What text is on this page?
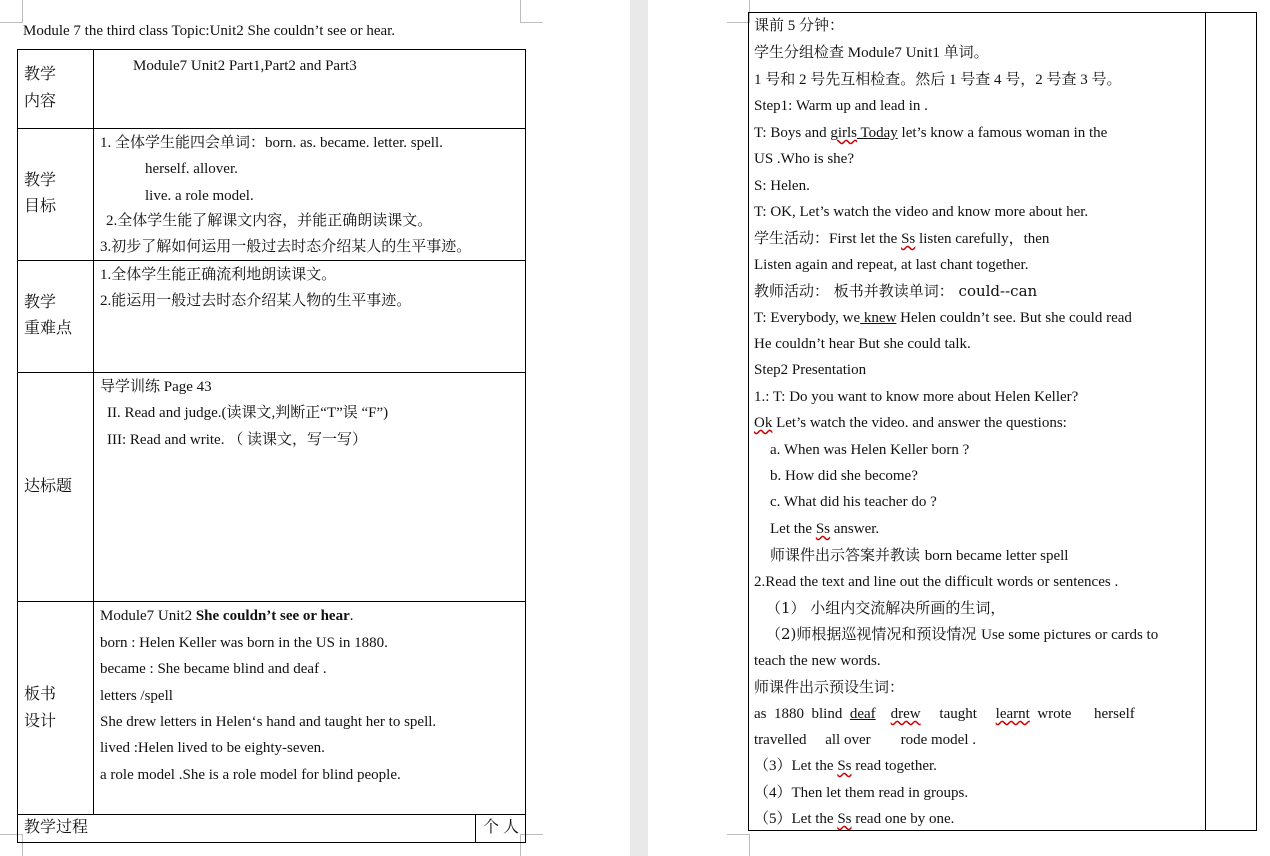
Module 7 the third class Topic:Unit2 She couldn’t see or hear.
教学
内容
Module7 Unit2 Part1,Part2 and Part3
教学
目标
1. 全体学生能四会单词：born. as. became. letter. spell.
herself. allover.
live. a role model.
2.全体学生能了解课文内容，并能正确朗读课文。
3.初步了解如何运用一般过去时态介绍某人的生平事迹。
教学
重难点
1.全体学生能正确流利地朗读课文。
2.能运用一般过去时态介绍某人物的生平事迹。
达标题
导学训练 Page 43
II. Read and judge.(读课文,判断正“T”误 “F”)
III: Read and write. （ 读课文，写一写）
板书
设计
Module7 Unit2 She couldn’t see or hear.
born : Helen Keller was born in the US in 1880.
became : She became blind and deaf .
letters /spell
She drew letters in Helen‘s hand and taught her to spell.
lived :Helen lived to be eighty-seven.
a role model .She is a role model for blind people.
教学过程	个 人
课前 5 分钟：
学生分组检查 Module7 Unit1 单词。
1 号和 2 号先互相检查。然后 1 号查 4 号，2 号查 3 号。
Step1: Warm up and lead in .
T: Boys and girls Today let’s know a famous woman in the
US .Who is she?
S: Helen.
T: OK, Let’s watch the video and know more about her.
学生活动：First let the Ss listen carefully，then
Listen again and repeat, at last chant together.
教师活动： 板书并教读单词： could--can
T: Everybody, we knew Helen couldn’t see. But she could read
He couldn’t hear But she could talk.
Step2 Presentation
1.: T: Do you want to know more about Helen Keller?
Ok Let’s watch the video. and answer the questions:
a. When was Helen Keller born ?
b. How did she become?
c. What did his teacher do ?
Let the Ss answer.
师课件出示答案并教读 born became letter spell
2.Read the text and line out the difficult words or sentences .
（1） 小组内交流解决所画的生词，
（2)师根据巡视情况和预设情况 Use some pictures or cards to
teach the new words.
师课件出示预设生词：
as  1880  blind  deaf drew     taught     learnt  wrote      herself
travelled     all over        rode model .
（3）Let the Ss read together.
（4）Then let them read in groups.
（5）Let the Ss read one by one.
